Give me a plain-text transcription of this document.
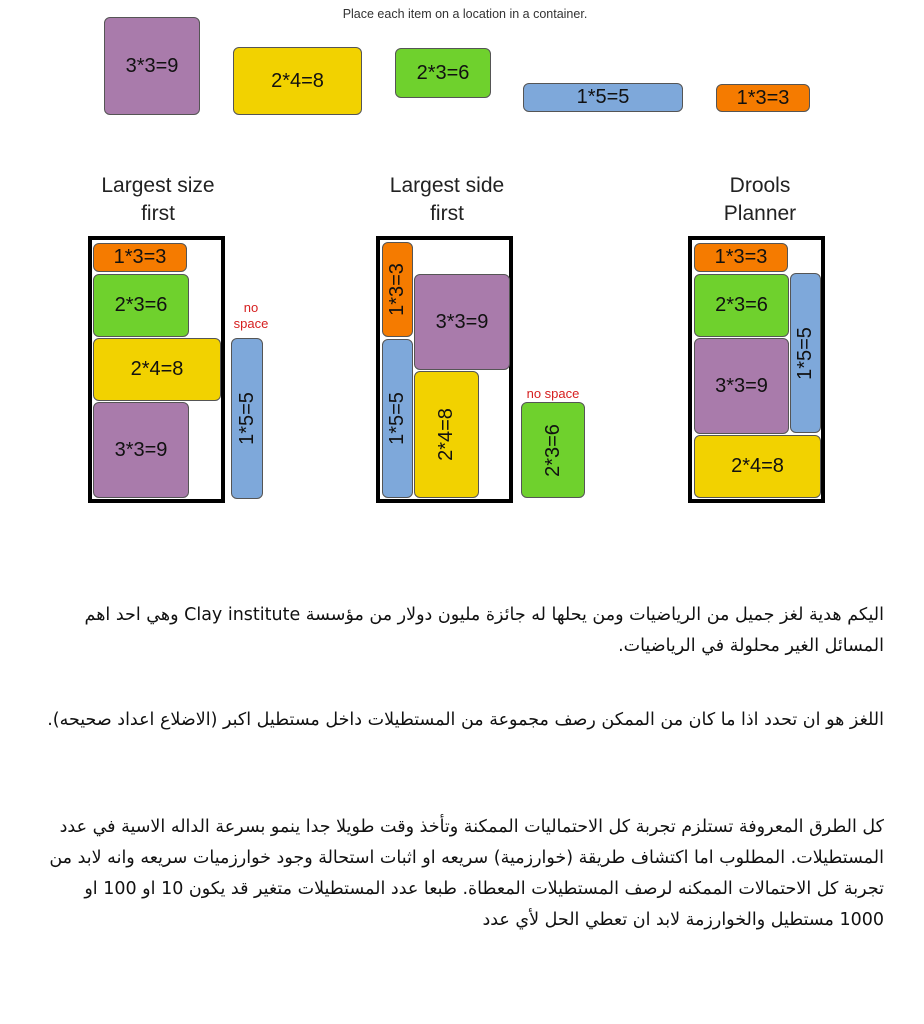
Place each item on a location in a container.
3*3=9
2*4=8	2*3=6
1*5=5	1*3=3
Largest size
first
Largest side
first
Drools
Planner
1*3=3
2*3=6
2*4=8
3*3=9
no
space
1*5=5
1*3=3
3*3=9
1*5=5 2*4=8
no space
2*3=6
1*3=3
2*3=6
1*5=5
3*3=9
2*4=8

اليكم هدية لغز جميل من الرياضيات ومن يحلها له جائزة مليون دولار من مؤسسة Clay institute وهي احد اهم المسائل الغير محلولة في الرياضيات.

اللغز هو ان تحدد اذا ما كان من الممكن رصف مجموعة من المستطيلات داخل مستطيل اكبر (الاضلاع اعداد صحيحه).

كل الطرق المعروفة تستلزم تجربة كل الاحتماليات الممكنة وتأخذ وقت طويلا جدا ينمو بسرعة الداله الاسية في عدد المستطيلات. المطلوب اما اكتشاف طريقة (خوارزمية) سريعه او اثبات استحالة وجود خوارزميات سريعه وانه لابد من تجربة كل الاحتمالات الممكنه لرصف المستطيلات المعطاة. طبعا عدد المستطيلات متغير قد يكون 10 او 100 او 1000 مستطيل والخوارزمة لابد ان تعطي الحل لأي عدد
